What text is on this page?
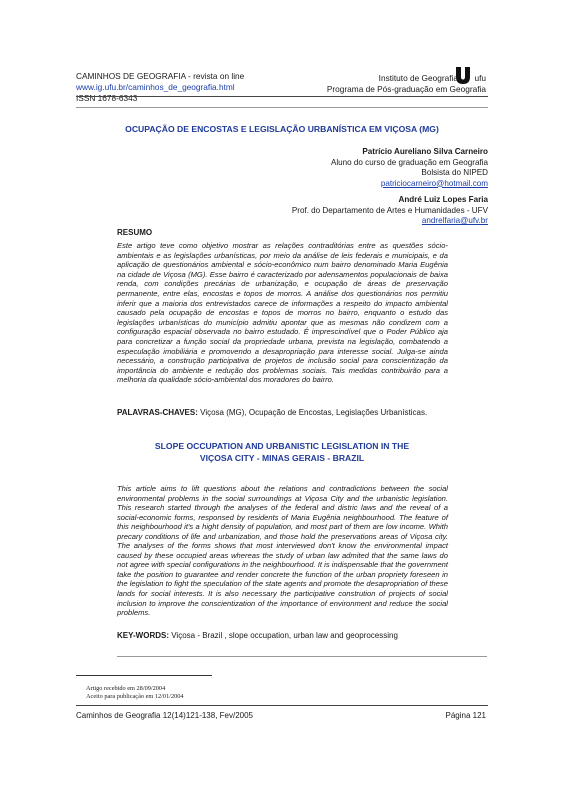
CAMINHOS DE GEOGRAFIA - revista on line
www.ig.ufu.br/caminhos_de_geografia.html
ISSN 1678-6343
Instituto de Geografia ufu
Programa de Pós-graduação em Geografia
OCUPAÇÃO DE ENCOSTAS E LEGISLAÇÃO URBANÍSTICA EM VIÇOSA (MG)
Patrício Aureliano Silva Carneiro
Aluno do curso de graduação em Geografia
Bolsista do NIPED
patriciocarneiro@hotmail.com
André Luiz Lopes Faria
Prof. do Departamento de Artes e Humanidades - UFV
andrelfaria@ufv.br
RESUMO
Este artigo teve como objetivo mostrar as relações contraditórias entre as questões sócio-ambientais e as legislações urbanísticas, por meio da análise de leis federais e municipais, e da aplicação de questionários ambiental e sócio-econômico num bairro denominado Maria Eugênia na cidade de Viçosa (MG). Esse bairro é caracterizado por adensamentos populacionais de baixa renda, com condições precárias de urbanização, e ocupação de áreas de preservação permanente, entre elas, encostas e topos de morros. A análise dos questionários nos permitiu inferir que a maioria dos entrevistados carece de informações a respeito do impacto ambiental causado pela ocupação de encostas e topos de morros no bairro, enquanto o estudo das legislações urbanísticas do município admitiu apontar que as mesmas não condizem com a configuração espacial observada no bairro estudado. É imprescindível que o Poder Público aja para concretizar a função social da propriedade urbana, prevista na legislação, combatendo a especulação imobiliária e promovendo a desapropriação para interesse social. Julga-se ainda necessário, a construção participativa de projetos de inclusão social para conscientização da importância do ambiente e redução dos problemas sociais. Tais medidas contribuirão para a melhoria da qualidade sócio-ambiental dos moradores do bairro.
PALAVRAS-CHAVES: Viçosa (MG), Ocupação de Encostas, Legislações Urbanísticas.
SLOPE OCCUPATION AND URBANISTIC LEGISLATION IN THE
VIÇOSA CITY - MINAS GERAIS - BRAZIL
This article aims to lift questions about the relations and contradictions between the social environmental problems in the social surroundings at Viçosa City and the urbanistic legislation. This research started through the analyses of the federal and distric laws and the reveal of a social-economic forms, responsed by residents of Maria Eugênia neighbourhood. The feature of this neighbourhood it's a hight density of population, and most part of them are low income. Whith precary conditions of life and urbanization, and those hold the preservations areas of Viçosa city. The analyses of the forms shows that most interviewed don't know the environmental impact caused by these occupied areas whereas the study of urban law admited that the same laws do not agree with special configurations in the neighbourhood. It is indispensable that the government take the position to guarantee and render concrete the function of the urban propriety foreseen in the legislation to fight the speculation of the state agents and promote the desapropriation of these lands for social interests. It is also necessary the participative constrution of projects of social inclusion to improve the conscientization of the importance of environment and reduce the social problems.
KEY-WORDS: Viçosa - Brazil , slope occupation, urban law and geoprocessing
Artigo recebido em 28/09/2004
Aceito para publicação em 12/01/2004
Caminhos de Geografia 12(14)121-138, Fev/2005	Página 121
